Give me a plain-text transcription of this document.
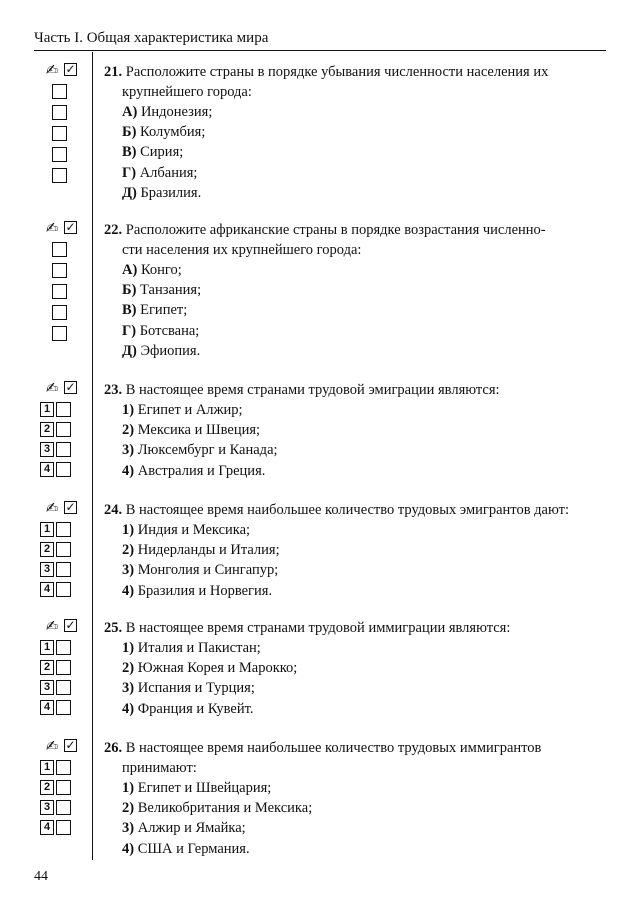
Часть I. Общая характеристика мира
✍ ✓ 21. Расположите страны в порядке убывания численности населения их
крупнейшего города:
А) Индонезия;
Б) Колумбия;
В) Сирия;
Г) Албания;
Д) Бразилия.
✍ ✓ 22. Расположите африканские страны в порядке возрастания численно-
сти населения их крупнейшего города:
А) Конго;
Б) Танзания;
В) Египет;
Г) Ботсвана;
Д) Эфиопия.
✍ ✓
1
2
3
4
23. В настоящее время странами трудовой эмиграции являются:
1) Египет и Алжир;
2) Мексика и Швеция;
3) Люксембург и Канада;
4) Австралия и Греция.
✍ ✓
1
2
3
4
24. В настоящее время наибольшее количество трудовых эмигрантов дают:
1) Индия и Мексика;
2) Нидерланды и Италия;
3) Монголия и Сингапур;
4) Бразилия и Норвегия.
✍ ✓
1
2
3
4
25. В настоящее время странами трудовой иммиграции являются:
1) Италия и Пакистан;
2) Южная Корея и Марокко;
3) Испания и Турция;
4) Франция и Кувейт.
✍ ✓
1
2
3
4
26. В настоящее время наибольшее количество трудовых иммигрантов
принимают:
1) Египет и Швейцария;
2) Великобритания и Мексика;
3) Алжир и Ямайка;
4) США и Германия.
44
